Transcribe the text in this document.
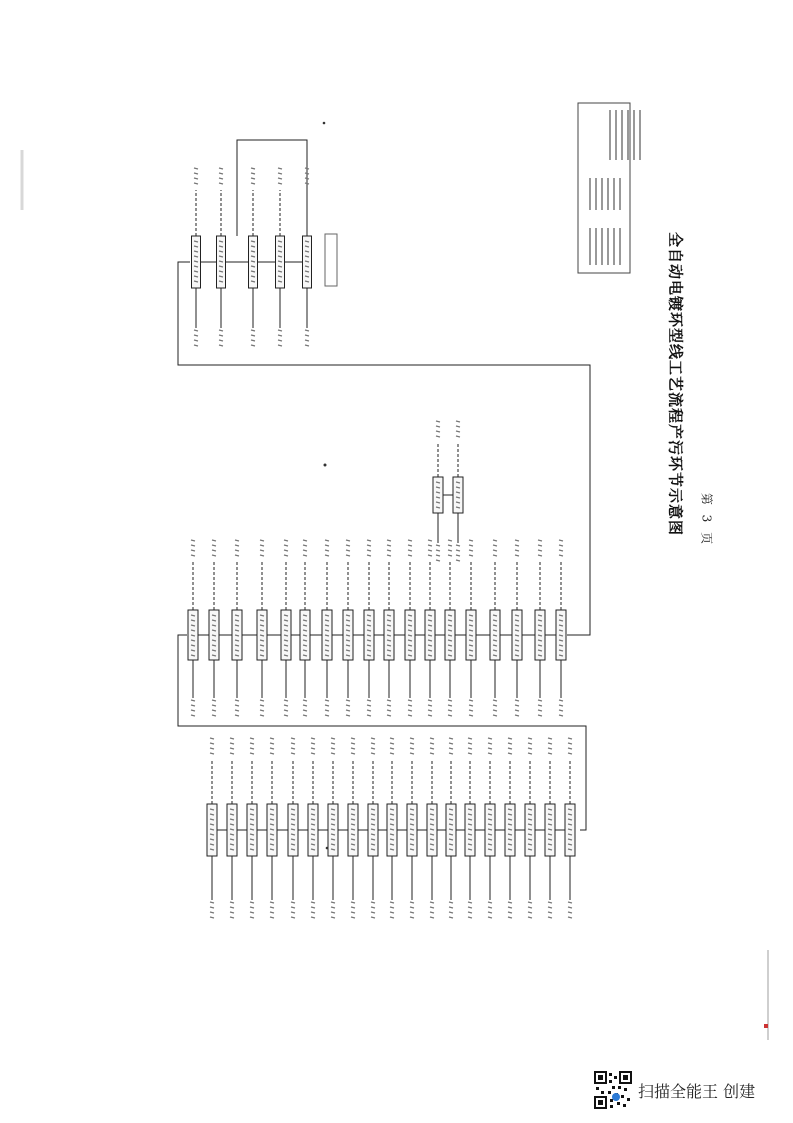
全自动电镀环型线工艺流程产污环节示意图 第 3 页
扫描全能王 创建
